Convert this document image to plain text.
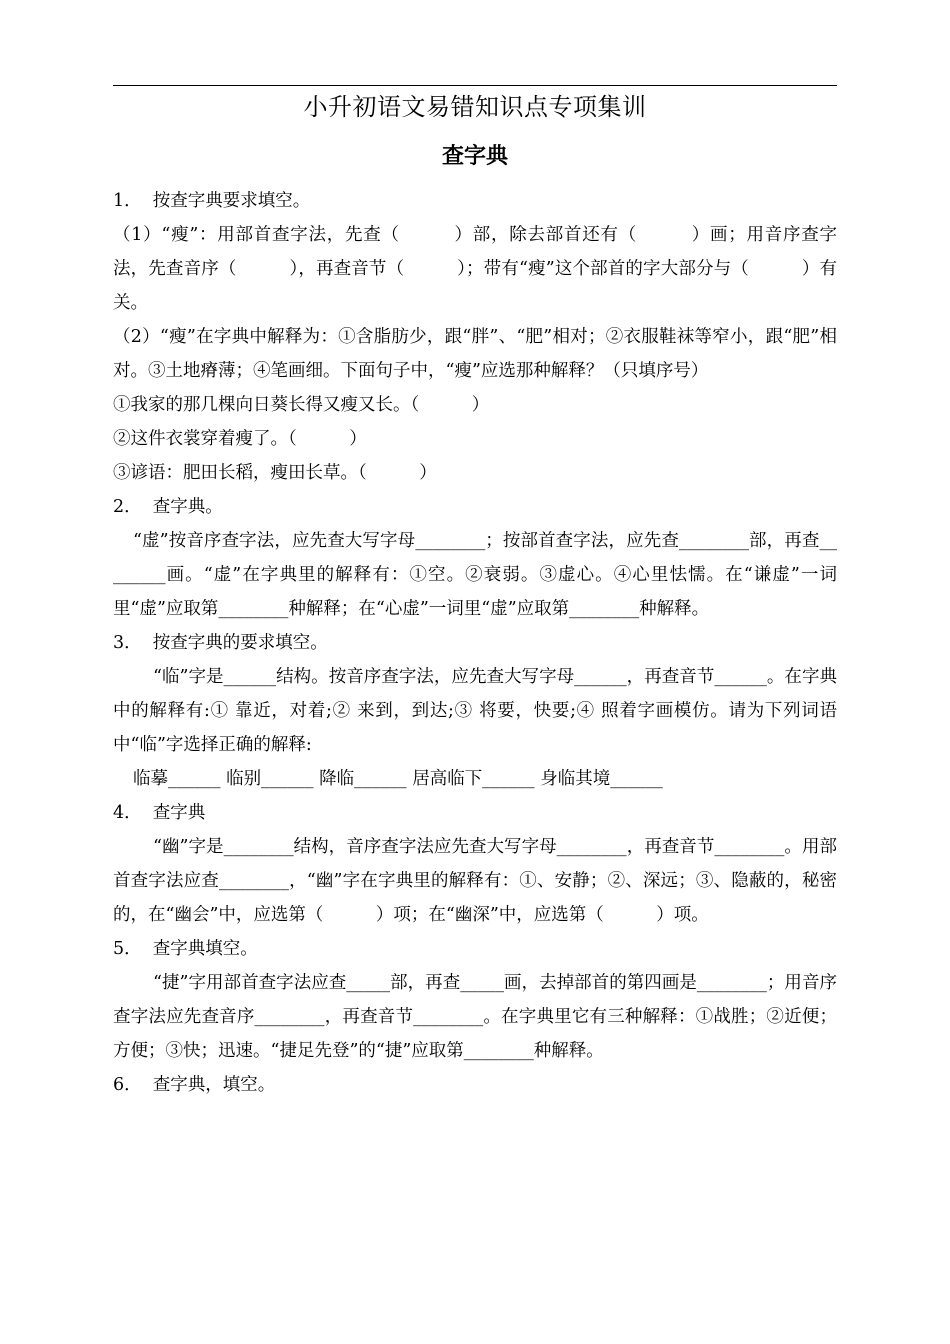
小升初语文易错知识点专项集训
查字典

1．  按查字典要求填空。

（1）“瘦”：用部首查字法，先查（　　　）部，除去部首还有（　　　）画；用音序查字法，先查音序（　　　），再查音节（　　　）；带有“瘦”这个部首的字大部分与（　　　）有关。

（2）“瘦”在字典中解释为：①含脂肪少，跟“胖”、“肥”相对；②衣服鞋袜等窄小，跟“肥”相对。③土地瘠薄；④笔画细。下面句子中，“瘦”应选那种解释？（只填序号）

①我家的那几棵向日葵长得又瘦又长。（　　　）

②这件衣裳穿着瘦了。（　　　）

③谚语：肥田长稻，瘦田长草。（　　　）

2．  查字典。

“虚”按音序查字法，应先查大写字母________；按部首查字法，应先查________部，再查________画。“虚”在字典里的解释有：①空。②衰弱。③虚心。④心里怯懦。在“谦虚”一词里“虚”应取第________种解释；在“心虚”一词里“虚”应取第________种解释。

3．  按查字典的要求填空。

“临”字是______结构。按音序查字法，应先查大写字母______，再查音节______。在字典中的解释有:① 靠近，对着;② 来到，到达;③ 将要，快要;④ 照着字画模仿。请为下列词语中“临”字选择正确的解释:

临摹______ 临别______ 降临______ 居高临下______ 身临其境______

4．  查字典

“幽”字是________结构，音序查字法应先查大写字母________，再查音节________。用部首查字法应查________，“幽”字在字典里的解释有：①、安静；②、深远；③、隐蔽的，秘密的，在“幽会”中，应选第（　　　）项；在“幽深”中，应选第（　　　）项。

5．  查字典填空。

“捷”字用部首查字法应查_____部，再查_____画，去掉部首的第四画是________；用音序查字法应先查音序________，再查音节________。在字典里它有三种解释：①战胜；②近便；方便；③快；迅速。“捷足先登”的“捷”应取第________种解释。

6．  查字典，填空。
